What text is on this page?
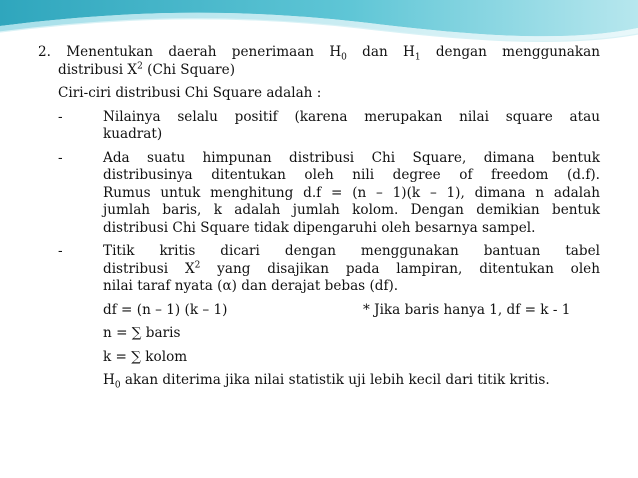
2. Menentukan daerah penerimaan $H_0$ dan $H_1$ dengan menggunakan
distribusi $X^2$ (Chi Square)
Ciri-ciri distribusi Chi Square adalah :
-	Nilainya selalu positif (karena merupakan nilai square atau
kuadrat)
-	Ada suatu himpunan distribusi Chi Square, dimana bentuk
distribusinya ditentukan oleh nili degree of freedom (d.f).
Rumus untuk menghitung d.f = (n – 1)(k – 1), dimana n adalah
jumlah baris, k adalah jumlah kolom. Dengan demikian bentuk
distribusi Chi Square tidak dipengaruhi oleh besarnya sampel.
-	Titik kritis dicari dengan menggunakan bantuan tabel
distribusi $X^2$ yang disajikan pada lampiran, ditentukan oleh
nilai taraf nyata (α) dan derajat bebas (df).
df = (n – 1) (k – 1)	* Jika baris hanya 1, df = k - 1
n = ∑ baris
k = ∑ kolom
$H_0$ akan diterima jika nilai statistik uji lebih kecil dari titik kritis.
